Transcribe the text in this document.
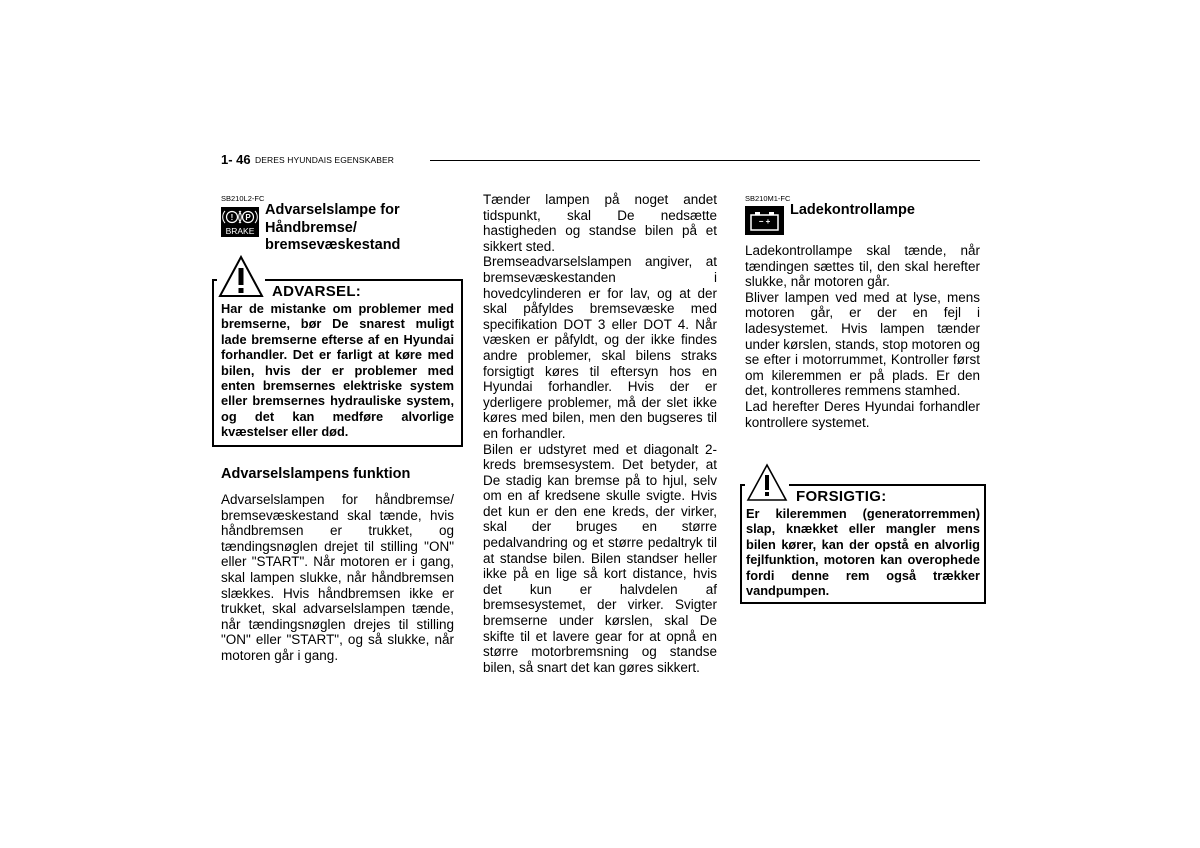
1- 46 DERES HYUNDAIS EGENSKABER
SB210L2-FC
! P
BRAKE
Advarselslampe for
Håndbremse/
bremsevæskestand
ADVARSEL:
Har de mistanke om problemer med bremserne, bør De snarest muligt lade bremserne efterse af en Hyundai forhandler. Det er farligt at køre med bilen, hvis der er problemer med enten bremsernes elektriske system eller bremsernes hydrauliske system, og det kan medføre alvorlige kvæstelser eller død.
Advarselslampens funktion
Advarselslampen for håndbremse/ bremsevæskestand skal tænde, hvis håndbremsen er trukket, og tændingsnøglen drejet til stilling "ON" eller "START". Når motoren er i gang, skal lampen slukke, når håndbremsen slækkes. Hvis håndbremsen ikke er trukket, skal advarselslampen tænde, når tændingsnøglen drejes til stilling "ON" eller "START", og så slukke, når motoren går i gang.
Tænder lampen på noget andet tidspunkt, skal De nedsætte hastigheden og standse bilen på et sikkert sted.
Bremseadvarselslampen angiver, at bremsevæskestanden i hovedcylinderen er for lav, og at der skal påfyldes bremsevæske med specifikation DOT 3 eller DOT 4. Når væsken er påfyldt, og der ikke findes andre problemer, skal bilens straks forsigtigt køres til eftersyn hos en Hyundai forhandler. Hvis der er yderligere problemer, må der slet ikke køres med bilen, men den bugseres til en forhandler.
Bilen er udstyret med et diagonalt 2-kreds bremsesystem. Det betyder, at De stadig kan bremse på to hjul, selv om en af kredsene skulle svigte. Hvis det kun er den ene kreds, der virker, skal der bruges en større pedalvandring og et større pedaltryk til at standse bilen. Bilen standser heller ikke på en lige så kort distance, hvis det kun er halvdelen af bremsesystemet, der virker. Svigter bremserne under kørslen, skal De skifte til et lavere gear for at opnå en større motorbremsning og standse bilen, så snart det kan gøres sikkert.
SB210M1-FC
− +
Ladekontrollampe
Ladekontrollampe skal tænde, når tændingen sættes til, den skal herefter slukke, når motoren går.
Bliver lampen ved med at lyse, mens motoren går, er der en fejl i ladesystemet. Hvis lampen tænder under kørslen, stands, stop motoren og se efter i motorrummet, Kontroller først om kileremmen er på plads. Er den det, kontrolleres remmens stamhed.
Lad herefter Deres Hyundai forhandler kontrollere systemet.
FORSIGTIG:
Er kileremmen (generatorremmen) slap, knækket eller mangler mens bilen kører, kan der opstå en alvorlig fejlfunktion, motoren kan overophede fordi denne rem også trækker vandpumpen.
